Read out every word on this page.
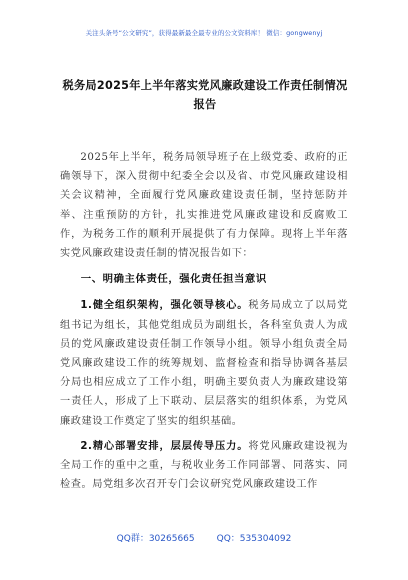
关注头条号“公文研究”，获得最新最全最专业的公文资料库！ 微信：gongwenyj
税务局2025年上半年落实党风廉政建设工作责任制情况报告

2025年上半年，税务局领导班子在上级党委、政府的正确领导下，深入贯彻中纪委全会以及省、市党风廉政建设相关会议精神，全面履行党风廉政建设责任制，坚持惩防并举、注重预防的方针，扎实推进党风廉政建设和反腐败工作，为税务工作的顺利开展提供了有力保障。现将上半年落实党风廉政建设责任制的情况报告如下：

一、明确主体责任，强化责任担当意识

1.健全组织架构，强化领导核心。税务局成立了以局党组书记为组长，其他党组成员为副组长，各科室负责人为成员的党风廉政建设责任制工作领导小组。领导小组负责全局党风廉政建设工作的统筹规划、监督检查和指导协调各基层分局也相应成立了工作小组，明确主要负责人为廉政建设第一责任人，形成了上下联动、层层落实的组织体系，为党风廉政建设工作奠定了坚实的组织基础。

2.精心部署安排，层层传导压力。将党风廉政建设视为全局工作的重中之重，与税收业务工作同部署、同落实、同检查。局党组多次召开专门会议研究党风廉政建设工作

QQ群：30265665 QQ：535304092
